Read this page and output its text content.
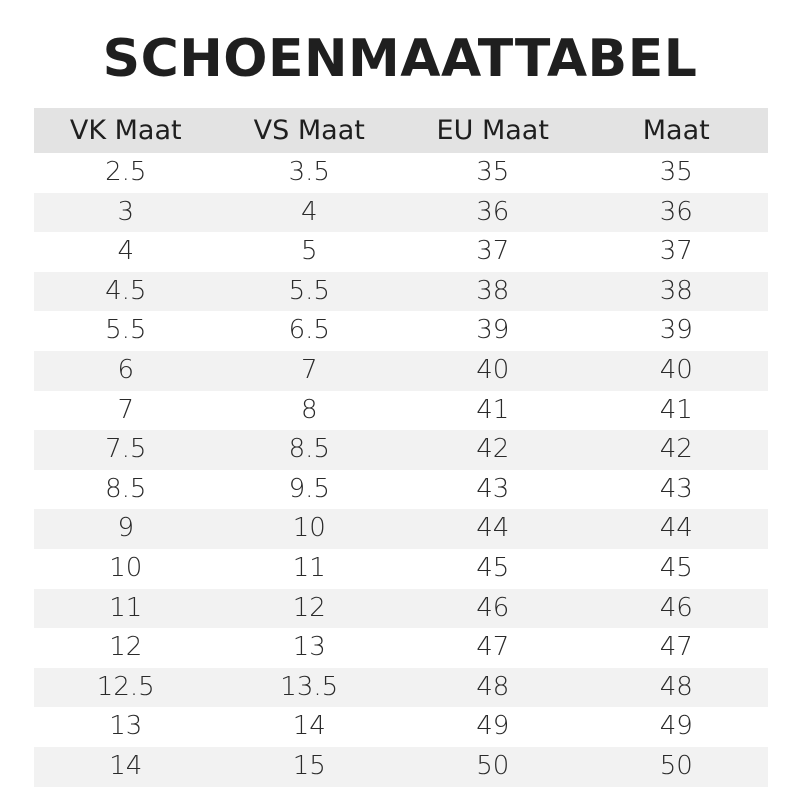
SCHOENMAATTABEL
VK Maat	VS Maat	EU Maat	Maat
2.5	3.5	35	35
3	4	36	36
4	5	37	37
4.5	5.5	38	38
5.5	6.5	39	39
6	7	40	40
7	8	41	41
7.5	8.5	42	42
8.5	9.5	43	43
9	10	44	44
10	11	45	45
11	12	46	46
12	13	47	47
12.5	13.5	48	48
13	14	49	49
14	15	50	50
